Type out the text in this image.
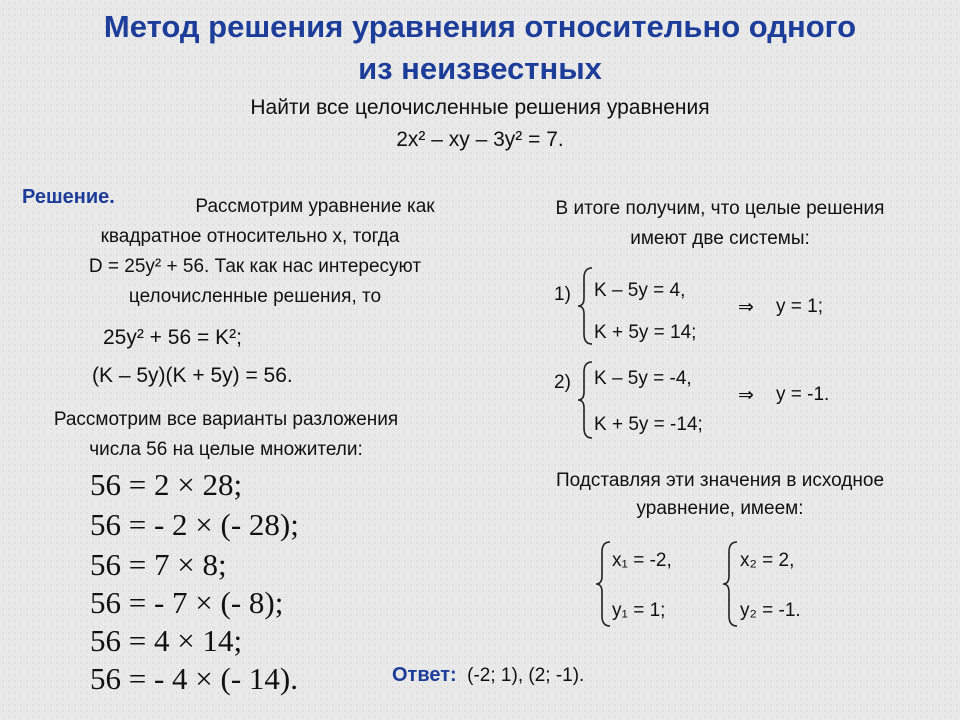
Метод решения уравнения относительно одного
из неизвестных
Найти все целочисленные решения уравнения
2x² – xy – 3y² = 7.
Решение.	Рассмотрим уравнение как
квадратное относительно x, тогда
D = 25y² + 56. Так как нас интересуют
целочисленные решения, то
25y² + 56 = K²;
(K – 5y)(K + 5y) = 56.
Рассмотрим все варианты разложения
числа 56 на целые множители:
56 = 2 × 28;
56 = - 2 × (- 28);
56 = 7 × 8;
56 = - 7 × (- 8);
56 = 4 × 14;
56 = - 4 × (- 14).
В итоге получим, что целые решения
имеют две системы:
1) K – 5y = 4,
K + 5y = 14;
⇒ y = 1;
2) K – 5y = -4,
K + 5y = -14;
⇒ y = -1.
Подставляя эти значения в исходное
уравнение, имеем:
x₁ = -2,
y₁ = 1;
x₂ = 2,
y₂ = -1.
Ответ: (-2; 1), (2; -1).
